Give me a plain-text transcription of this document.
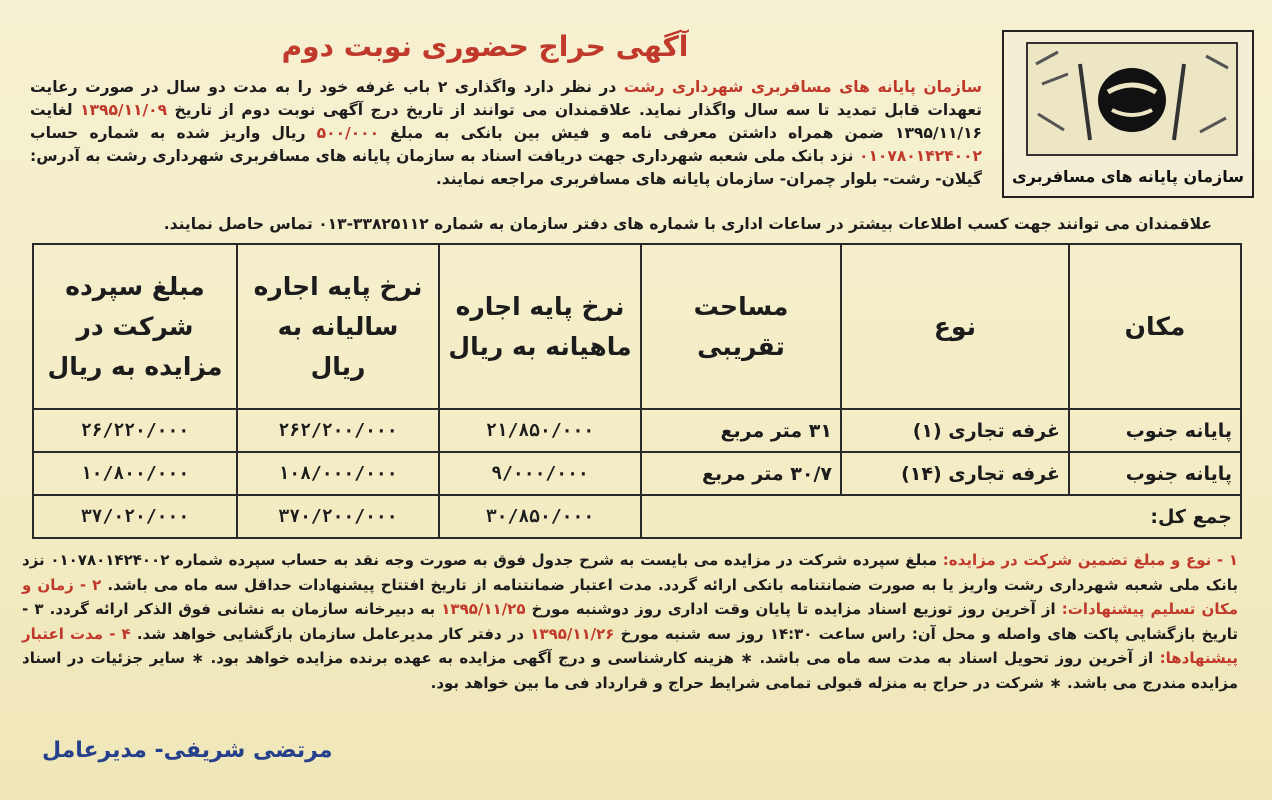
سازمان پایانه های مسافربری
آگهی حراج حضوری نوبت دوم
سازمان پایانه های مسافربری شهرداری رشت در نظر دارد واگذاری ۲ باب غرفه خود را به مدت دو سال در صورت رعایت تعهدات قابل تمدید تا سه سال واگذار نماید. علاقمندان می توانند از تاریخ درج آگهی نوبت دوم از تاریخ ۱۳۹۵/۱۱/۰۹ لغایت ۱۳۹۵/۱۱/۱۶ ضمن همراه داشتن معرفی نامه و فیش بین بانکی به مبلغ ۵۰۰/۰۰۰ ریال واریز شده به شماره حساب ۰۱۰۷۸۰۱۴۲۴۰۰۲ نزد بانک ملی شعبه شهرداری جهت دریافت اسناد به سازمان پایانه های مسافربری شهرداری رشت به آدرس: گیلان- رشت- بلوار چمران- سازمان پایانه های مسافربری مراجعه نمایند.
علاقمندان می توانند جهت کسب اطلاعات بیشتر در ساعات اداری با شماره های دفتر سازمان به شماره ۳۳۸۲۵۱۱۲-۰۱۳ تماس حاصل نمایند.
مکان	نوع	مساحت تقریبی	نرخ پایه اجاره ماهیانه به ریال	نرخ پایه اجاره سالیانه به ریال	مبلغ سپرده شرکت در مزایده به ریال
پایانه جنوب	غرفه تجاری (۱)	۳۱ متر مربع	۲۱/۸۵۰/۰۰۰	۲۶۲/۲۰۰/۰۰۰	۲۶/۲۲۰/۰۰۰
پایانه جنوب	غرفه تجاری (۱۴)	۳۰/۷ متر مربع	۹/۰۰۰/۰۰۰	۱۰۸/۰۰۰/۰۰۰	۱۰/۸۰۰/۰۰۰
جمع کل:			۳۰/۸۵۰/۰۰۰	۳۷۰/۲۰۰/۰۰۰	۳۷/۰۲۰/۰۰۰
۱ - نوع و مبلغ تضمین شرکت در مزایده: مبلغ سپرده شرکت در مزایده می بایست به شرح جدول فوق به صورت وجه نقد به حساب سپرده شماره ۰۱۰۷۸۰۱۴۲۴۰۰۲ نزد بانک ملی شعبه شهرداری رشت واریز یا به صورت ضمانتنامه بانکی ارائه گردد. مدت اعتبار ضمانتنامه از تاریخ افتتاح پیشنهادات حداقل سه ماه می باشد. ۲ - زمان و مکان تسلیم پیشنهادات: از آخرین روز توزیع اسناد مزایده تا پایان وقت اداری روز دوشنبه مورخ ۱۳۹۵/۱۱/۲۵ به دبیرخانه سازمان به نشانی فوق الذکر ارائه گردد. ۳ - تاریخ بازگشایی پاکت های واصله و محل آن: راس ساعت ۱۴:۳۰ روز سه شنبه مورخ ۱۳۹۵/۱۱/۲۶ در دفتر کار مدیرعامل سازمان بازگشایی خواهد شد. ۴ - مدت اعتبار پیشنهادها: از آخرین روز تحویل اسناد به مدت سه ماه می باشد. ∗ هزینه کارشناسی و درج آگهی مزایده به عهده برنده مزایده خواهد بود. ∗ سایر جزئیات در اسناد مزایده مندرج می باشد. ∗ شرکت در حراج به منزله قبولی تمامی شرایط حراج و قرارداد فی ما بین خواهد بود.
مرتضی شریفی- مدیرعامل
